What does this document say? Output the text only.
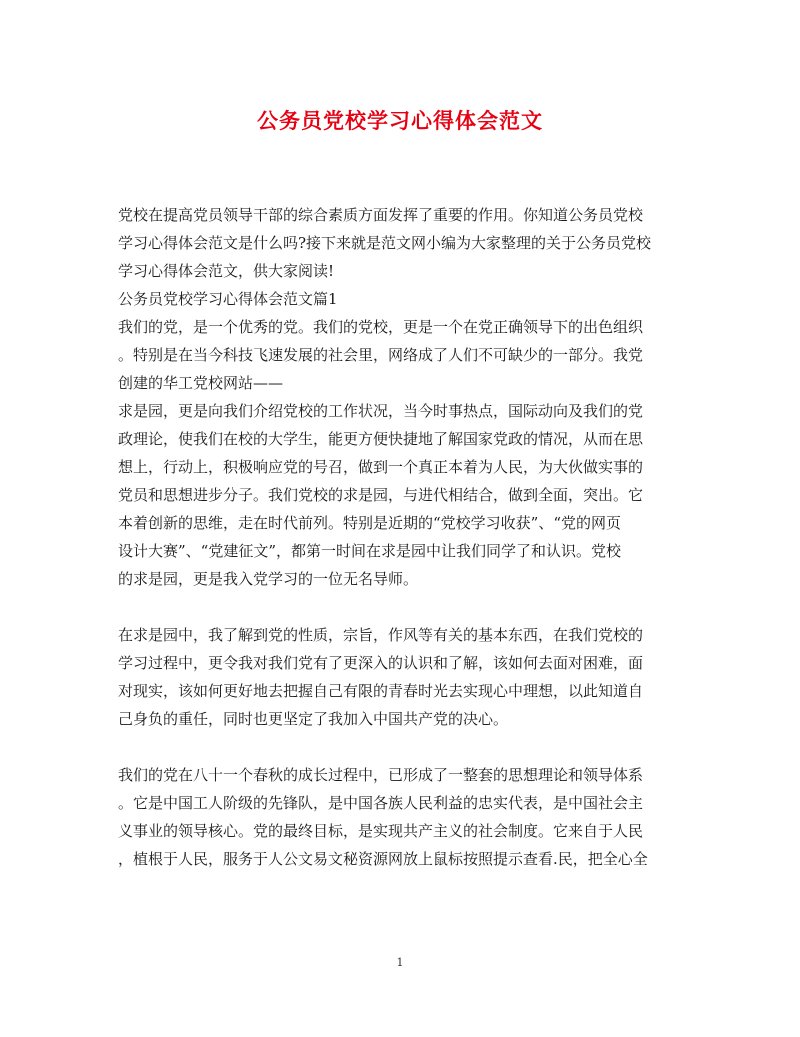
公务员党校学习心得体会范文
党校在提高党员领导干部的综合素质方面发挥了重要的作用。你知道公务员党校
学习心得体会范文是什么吗?接下来就是范文网小编为大家整理的关于公务员党校
学习心得体会范文，供大家阅读!
公务员党校学习心得体会范文篇1
我们的党，是一个优秀的党。我们的党校，更是一个在党正确领导下的出色组织
。特别是在当今科技飞速发展的社会里，网络成了人们不可缺少的一部分。我党
创建的华工党校网站——
求是园，更是向我们介绍党校的工作状况，当今时事热点，国际动向及我们的党
政理论，使我们在校的大学生，能更方便快捷地了解国家党政的情况，从而在思
想上，行动上，积极响应党的号召，做到一个真正本着为人民，为大伙做实事的
党员和思想进步分子。我们党校的求是园，与进代相结合，做到全面，突出。它
本着创新的思维，走在时代前列。特别是近期的“党校学习收获”、“党的网页
设计大赛”、“党建征文”，都第一时间在求是园中让我们同学了和认识。党校
的求是园，更是我入党学习的一位无名导师。
在求是园中，我了解到党的性质，宗旨，作风等有关的基本东西，在我们党校的
学习过程中，更令我对我们党有了更深入的认识和了解，该如何去面对困难，面
对现实，该如何更好地去把握自己有限的青春时光去实现心中理想，以此知道自
己身负的重任，同时也更坚定了我加入中国共产党的决心。
我们的党在八十一个春秋的成长过程中，已形成了一整套的思想理论和领导体系
。它是中国工人阶级的先锋队，是中国各族人民利益的忠实代表，是中国社会主
义事业的领导核心。党的最终目标，是实现共产主义的社会制度。它来自于人民
，植根于人民，服务于人公文易文秘资源网放上鼠标按照提示查看.民，把全心全
1
